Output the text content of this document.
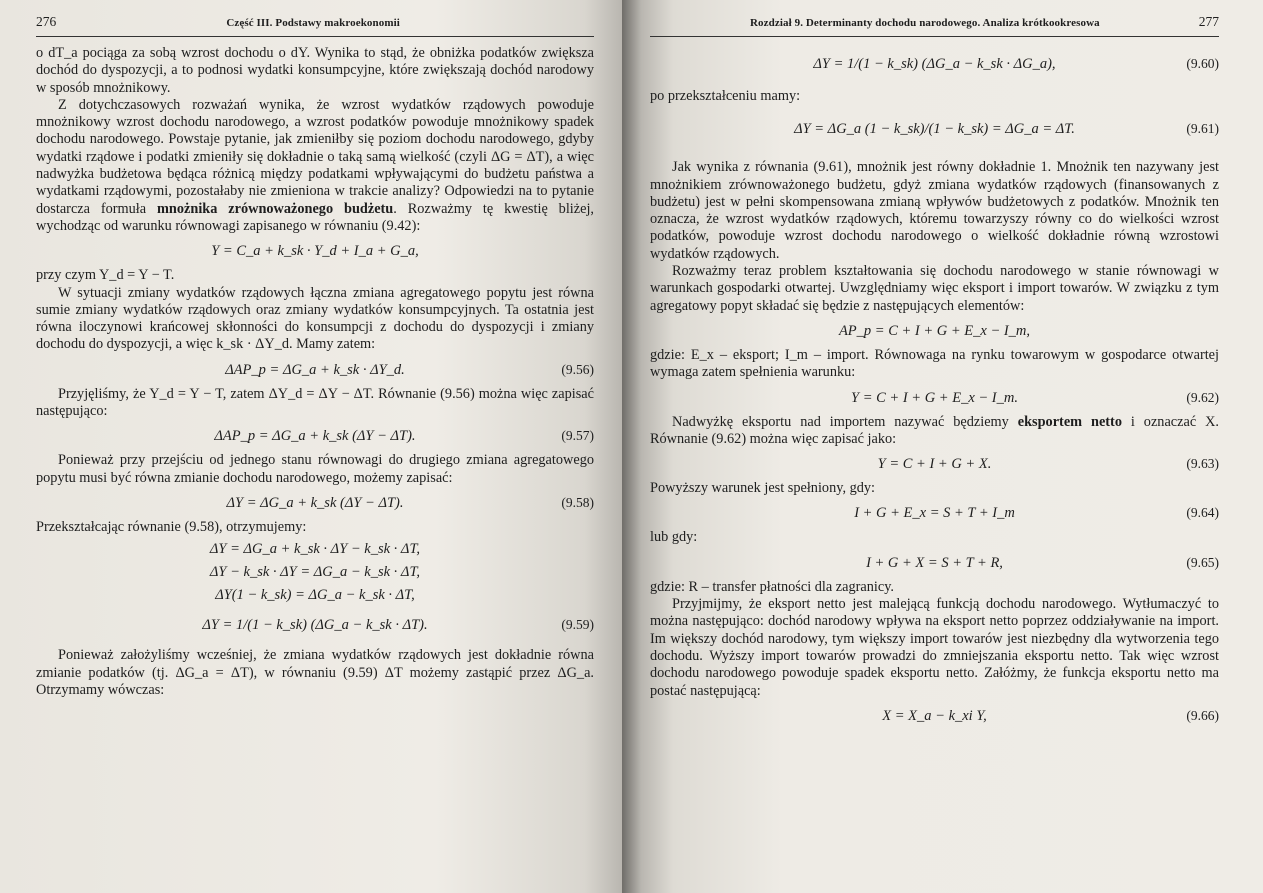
276	Część III. Podstawy makroekonomii

o dT_a pociąga za sobą wzrost dochodu o dY. Wynika to stąd, że obniżka podatków zwiększa dochód do dyspozycji, a to podnosi wydatki konsumpcyjne, które zwiększają dochód narodowy w sposób mnożnikowy.

Z dotychczasowych rozważań wynika, że wzrost wydatków rządowych powoduje mnożnikowy wzrost dochodu narodowego, a wzrost podatków powoduje mnożnikowy spadek dochodu narodowego. Powstaje pytanie, jak zmieniłby się poziom dochodu narodowego, gdyby wydatki rządowe i podatki zmieniły się dokładnie o taką samą wielkość (czyli ΔG = ΔT), a więc nadwyżka budżetowa będąca różnicą między podatkami wpływającymi do budżetu państwa a wydatkami rządowymi, pozostałaby nie zmieniona w trakcie analizy? Odpowiedzi na to pytanie dostarcza formuła mnożnika zrównoważonego budżetu. Rozważmy tę kwestię bliżej, wychodząc od warunku równowagi zapisanego w równaniu (9.42):

Y = C_a + k_sk · Y_d + I_a + G_a,

przy czym Y_d = Y − T.

W sytuacji zmiany wydatków rządowych łączna zmiana agregatowego popytu jest równa sumie zmiany wydatków rządowych oraz zmiany wydatków konsumpcyjnych. Ta ostatnia jest równa iloczynowi krańcowej skłonności do konsumpcji z dochodu do dyspozycji i zmiany dochodu do dyspozycji, a więc k_sk · ΔY_d. Mamy zatem:

ΔAP_p = ΔG_a + k_sk · ΔY_d.	(9.56)

Przyjęliśmy, że Y_d = Y − T, zatem ΔY_d = ΔY − ΔT. Równanie (9.56) można więc zapisać następująco:

ΔAP_p = ΔG_a + k_sk (ΔY − ΔT).	(9.57)

Ponieważ przy przejściu od jednego stanu równowagi do drugiego zmiana agregatowego popytu musi być równa zmianie dochodu narodowego, możemy zapisać:

ΔY = ΔG_a + k_sk (ΔY − ΔT).	(9.58)

Przekształcając równanie (9.58), otrzymujemy:

ΔY = ΔG_a + k_sk · ΔY − k_sk · ΔT,
ΔY − k_sk · ΔY = ΔG_a − k_sk · ΔT,
ΔY(1 − k_sk) = ΔG_a − k_sk · ΔT,
ΔY = 1/(1 − k_sk) (ΔG_a − k_sk · ΔT).	(9.59)

Ponieważ założyliśmy wcześniej, że zmiana wydatków rządowych jest dokładnie równa zmianie podatków (tj. ΔG_a = ΔT), w równaniu (9.59) ΔT możemy zastąpić przez ΔG_a. Otrzymamy wówczas:

Rozdział 9. Determinanty dochodu narodowego. Analiza krótkookresowa	277
ΔY = 1/(1 − k_sk) (ΔG_a − k_sk · ΔG_a),	(9.60)

po przekształceniu mamy:

ΔY = ΔG_a (1 − k_sk)/(1 − k_sk) = ΔG_a = ΔT.	(9.61)

Jak wynika z równania (9.61), mnożnik jest równy dokładnie 1. Mnożnik ten nazywany jest mnożnikiem zrównoważonego budżetu, gdyż zmiana wydatków rządowych (finansowanych z budżetu) jest w pełni skompensowana zmianą wpływów budżetowych z podatków. Mnożnik ten oznacza, że wzrost wydatków rządowych, któremu towarzyszy równy co do wielkości wzrost podatków, powoduje wzrost dochodu narodowego o wielkość dokładnie równą wzrostowi wydatków rządowych.

Rozważmy teraz problem kształtowania się dochodu narodowego w stanie równowagi w warunkach gospodarki otwartej. Uwzględniamy więc eksport i import towarów. W związku z tym agregatowy popyt składać się będzie z następujących elementów:

AP_p = C + I + G + E_x − I_m,

gdzie: E_x – eksport; I_m – import. Równowaga na rynku towarowym w gospodarce otwartej wymaga zatem spełnienia warunku:

Y = C + I + G + E_x − I_m.	(9.62)

Nadwyżkę eksportu nad importem nazywać będziemy eksportem netto i oznaczać X. Równanie (9.62) można więc zapisać jako:

Y = C + I + G + X.	(9.63)

Powyższy warunek jest spełniony, gdy:

I + G + E_x = S + T + I_m	(9.64)

lub gdy:

I + G + X = S + T + R,	(9.65)

gdzie: R – transfer płatności dla zagranicy.

Przyjmijmy, że eksport netto jest malejącą funkcją dochodu narodowego. Wytłumaczyć to można następująco: dochód narodowy wpływa na eksport netto poprzez oddziaływanie na import. Im większy dochód narodowy, tym większy import towarów jest niezbędny dla wytworzenia tego dochodu. Wyższy import towarów prowadzi do zmniejszania eksportu netto. Tak więc wzrost dochodu narodowego powoduje spadek eksportu netto. Załóżmy, że funkcja eksportu netto ma postać następującą:

X = X_a − k_xi Y,	(9.66)
